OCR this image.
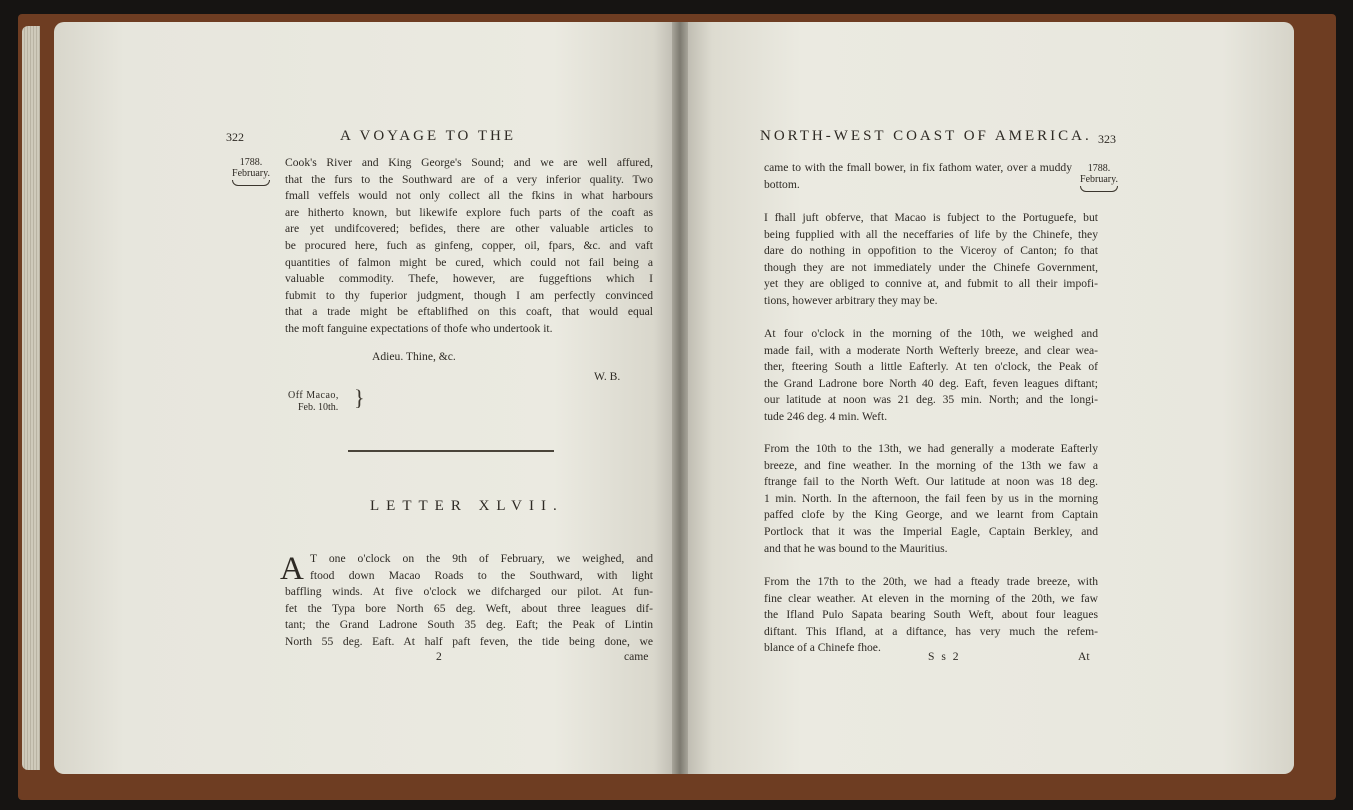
322	A VOYAGE TO THE
1788.
February.
Cook's River and King George's Sound; and we are well affured,
that the furs to the Southward are of a very inferior quality. Two
fmall veffels would not only collect all the fkins in what harbours
are hitherto known, but likewife explore fuch parts of the coaft as
are yet undifcovered; befides, there are other valuable articles to
be procured here, fuch as ginfeng, copper, oil, fpars, &c. and vaft
quantities of falmon might be cured, which could not fail being a
valuable commodity. Thefe, however, are fuggeftions which I
fubmit to thy fuperior judgment, though I am perfectly convinced
that a trade might be eftablifhed on this coaft, that would equal
the moft fanguine expectations of thofe who undertook it.
Adieu. Thine, &c.
W. B.
Off Macao,
Feb. 10th. }
LETTER XLVII.
A T one o'clock on the 9th of February, we weighed, and
ftood down Macao Roads to the Southward, with light
baffling winds. At five o'clock we difcharged our pilot. At fun-
fet the Typa bore North 65 deg. Weft, about three leagues dif-
tant; the Grand Ladrone South 35 deg. Eaft; the Peak of Lintin
North 55 deg. Eaft. At half paft feven, the tide being done, we
2	came
NORTH-WEST COAST OF AMERICA. 323
1788.
February.
came to with the fmall bower, in fix fathom water, over a muddy
bottom.
I fhall juft obferve, that Macao is fubject to the Portuguefe, but
being fupplied with all the neceffaries of life by the Chinefe, they
dare do nothing in oppofition to the Viceroy of Canton; fo that
though they are not immediately under the Chinefe Government,
yet they are obliged to connive at, and fubmit to all their impofi-
tions, however arbitrary they may be.
At four o'clock in the morning of the 10th, we weighed and
made fail, with a moderate North Wefterly breeze, and clear wea-
ther, fteering South a little Eafterly. At ten o'clock, the Peak of
the Grand Ladrone bore North 40 deg. Eaft, feven leagues diftant;
our latitude at noon was 21 deg. 35 min. North; and the longi-
tude 246 deg. 4 min. Weft.
From the 10th to the 13th, we had generally a moderate Eafterly
breeze, and fine weather. In the morning of the 13th we faw a
ftrange fail to the North Weft. Our latitude at noon was 18 deg.
1 min. North. In the afternoon, the fail feen by us in the morning
paffed clofe by the King George, and we learnt from Captain
Portlock that it was the Imperial Eagle, Captain Berkley, and
and that he was bound to the Mauritius.
From the 17th to the 20th, we had a fteady trade breeze, with
fine clear weather. At eleven in the morning of the 20th, we faw
the Ifland Pulo Sapata bearing South Weft, about four leagues
diftant. This Ifland, at a diftance, has very much the refem-
blance of a Chinefe fhoe.
S s 2	At
